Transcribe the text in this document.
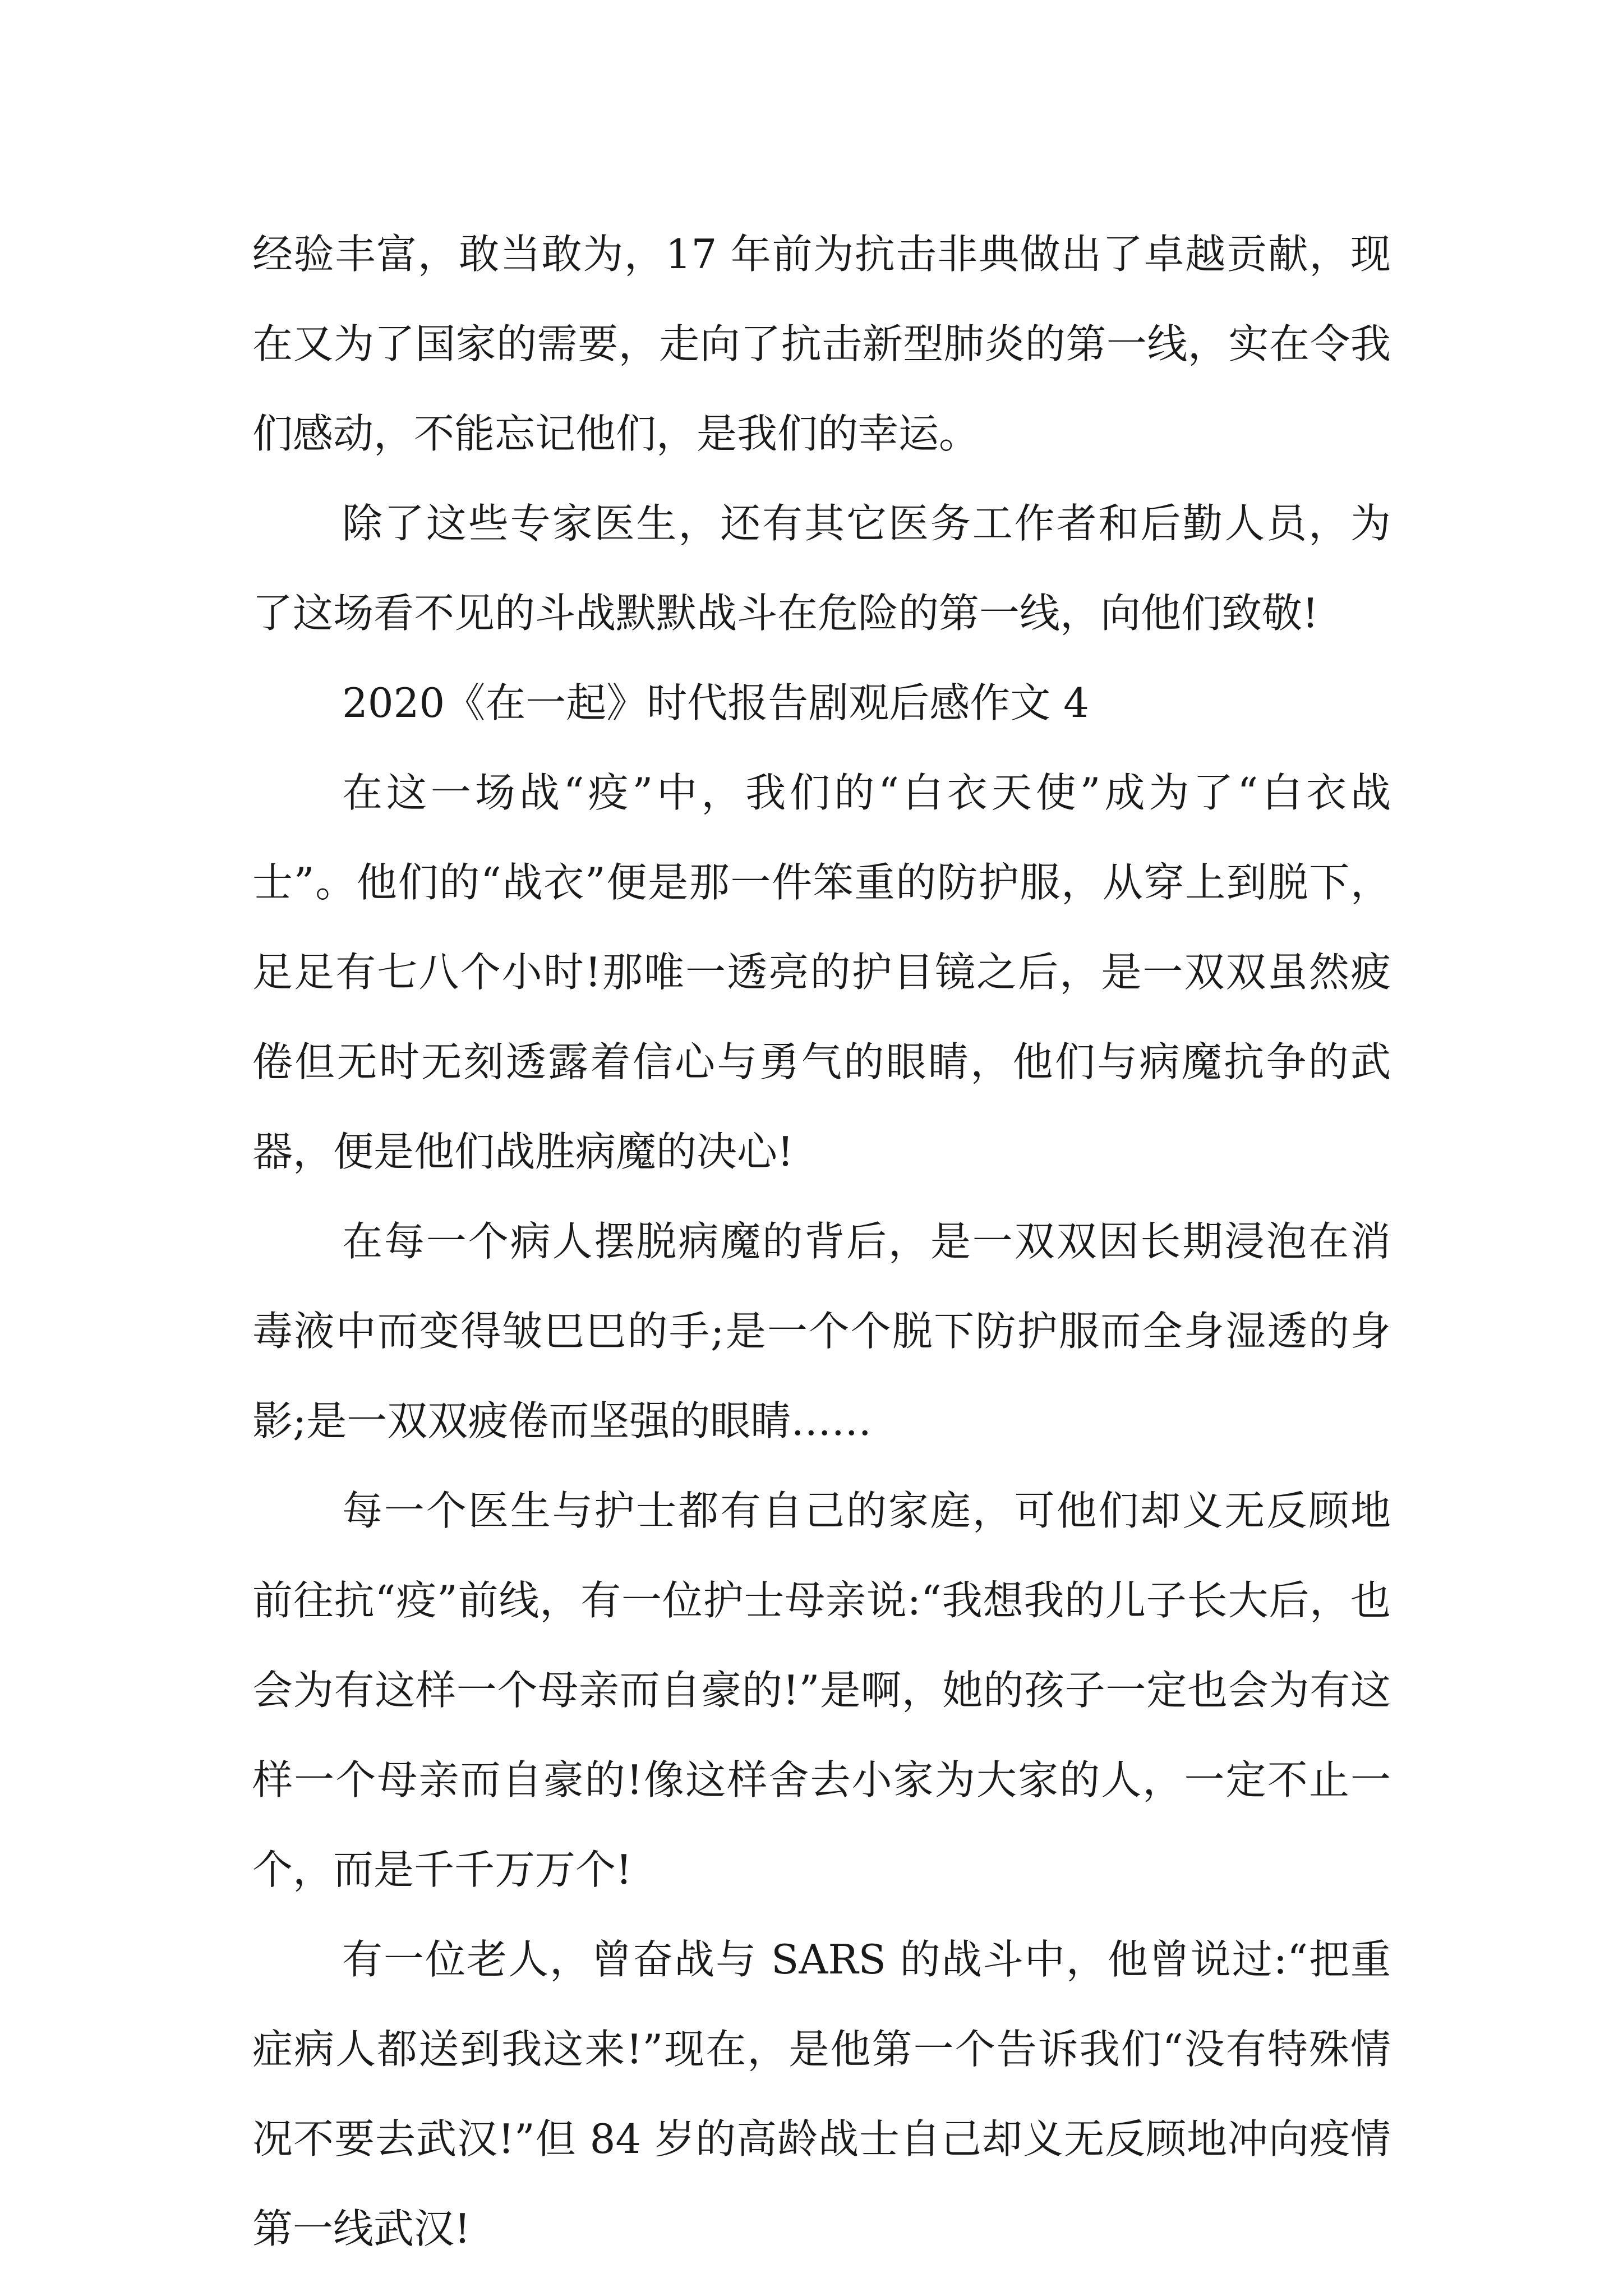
经验丰富，敢当敢为，17 年前为抗击非典做出了卓越贡献，现在又为了国家的需要，走向了抗击新型肺炎的第一线，实在令我们感动，不能忘记他们，是我们的幸运。

除了这些专家医生，还有其它医务工作者和后勤人员，为了这场看不见的斗战默默战斗在危险的第一线，向他们致敬!

2020《在一起》时代报告剧观后感作文 4

在这一场战“疫”中，我们的“白衣天使”成为了“白衣战士”。他们的“战衣”便是那一件笨重的防护服，从穿上到脱下，足足有七八个小时!那唯一透亮的护目镜之后，是一双双虽然疲倦但无时无刻透露着信心与勇气的眼睛，他们与病魔抗争的武器，便是他们战胜病魔的决心!

在每一个病人摆脱病魔的背后，是一双双因长期浸泡在消毒液中而变得皱巴巴的手;是一个个脱下防护服而全身湿透的身影;是一双双疲倦而坚强的眼睛……

每一个医生与护士都有自己的家庭，可他们却义无反顾地前往抗“疫”前线，有一位护士母亲说:“我想我的儿子长大后，也会为有这样一个母亲而自豪的!”是啊，她的孩子一定也会为有这样一个母亲而自豪的!像这样舍去小家为大家的人，一定不止一个，而是千千万万个!

有一位老人，曾奋战与 SARS 的战斗中，他曾说过:“把重症病人都送到我这来!”现在，是他第一个告诉我们“没有特殊情况不要去武汉!”但 84 岁的高龄战士自己却义无反顾地冲向疫情第一线武汉!
